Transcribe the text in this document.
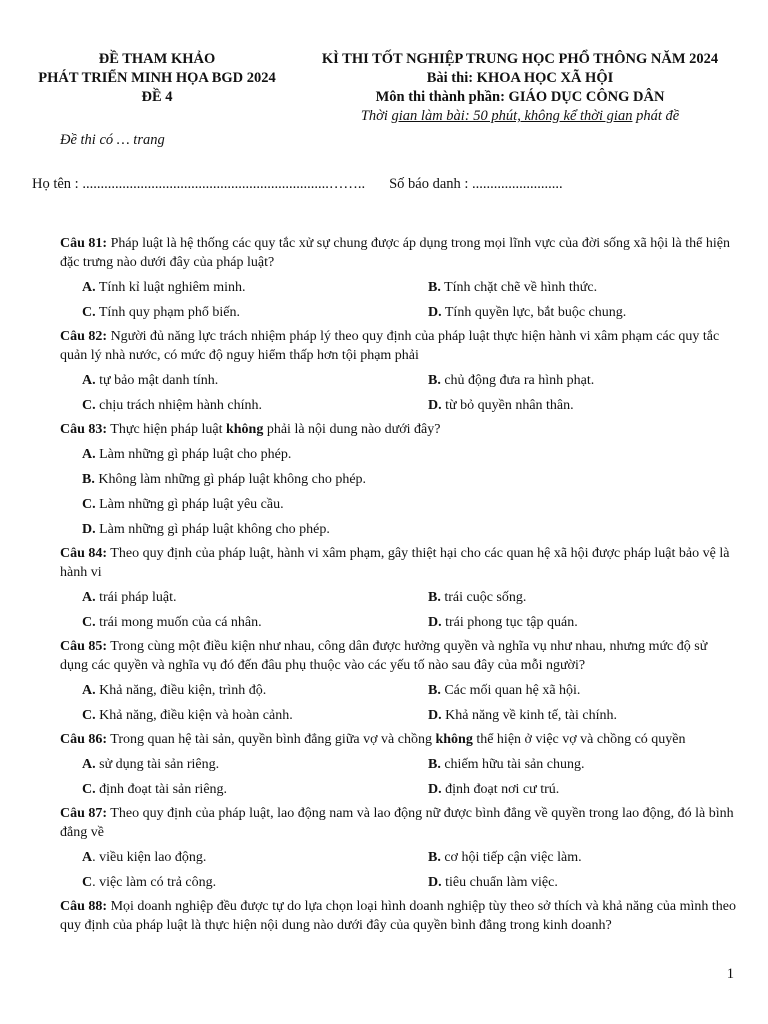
ĐỀ THAM KHẢO
PHÁT TRIỂN MINH HỌA BGD 2024
ĐỀ 4
KÌ THI TỐT NGHIỆP TRUNG HỌC PHỔ THÔNG NĂM 2024
Bài thi: KHOA HỌC XÃ HỘI
Môn thi thành phần: GIÁO DỤC CÔNG DÂN
Thời gian làm bài: 50 phút, không kể thời gian phát đề
Đề thi có … trang
Họ tên : ....................................................................…….. Số báo danh : .........................
Câu 81: Pháp luật là hệ thống các quy tắc xử sự chung được áp dụng trong mọi lĩnh vực của đời sống xã hội là thể hiện đặc trưng nào dưới đây của pháp luật?
A. Tính kỉ luật nghiêm minh.	B. Tính chặt chẽ về hình thức.
C. Tính quy phạm phổ biến.	D. Tính quyền lực, bắt buộc chung.
Câu 82: Người đủ năng lực trách nhiệm pháp lý theo quy định của pháp luật thực hiện hành vi xâm phạm các quy tắc quản lý nhà nước, có mức độ nguy hiểm thấp hơn tội phạm phải
A. tự bảo mật danh tính.	B. chủ động đưa ra hình phạt.
C. chịu trách nhiệm hành chính.	D. từ bỏ quyền nhân thân.
Câu 83: Thực hiện pháp luật không phải là nội dung nào dưới đây?
A. Làm những gì pháp luật cho phép.
B. Không làm những gì pháp luật không cho phép.
C. Làm những gì pháp luật yêu cầu.
D. Làm những gì pháp luật không cho phép.
Câu 84: Theo quy định của pháp luật, hành vi xâm phạm, gây thiệt hại cho các quan hệ xã hội được pháp luật bảo vệ là hành vi
A. trái pháp luật.	B. trái cuộc sống.
C. trái mong muốn của cá nhân.	D. trái phong tục tập quán.
Câu 85: Trong cùng một điều kiện như nhau, công dân được hưởng quyền và nghĩa vụ như nhau, nhưng mức độ sử dụng các quyền và nghĩa vụ đó đến đâu phụ thuộc vào các yếu tố nào sau đây của mỗi người?
A. Khả năng, điều kiện, trình độ.	B. Các mối quan hệ xã hội.
C. Khả năng, điều kiện và hoàn cảnh.	D. Khả năng về kinh tế, tài chính.
Câu 86: Trong quan hệ tài sản, quyền bình đẳng giữa vợ và chồng không thể hiện ở việc vợ và chồng có quyền
A. sử dụng tài sản riêng.	B. chiếm hữu tài sản chung.
C. định đoạt tài sản riêng.	D. định đoạt nơi cư trú.
Câu 87: Theo quy định của pháp luật, lao động nam và lao động nữ được bình đẳng về quyền trong lao động, đó là bình đẳng về
A. viều kiện lao động.	B. cơ hội tiếp cận việc làm.
C. việc làm có trả công.	D. tiêu chuẩn làm việc.
Câu 88: Mọi doanh nghiệp đều được tự do lựa chọn loại hình doanh nghiệp tùy theo sở thích và khả năng của mình theo quy định của pháp luật là thực hiện nội dung nào dưới đây của quyền bình đẳng trong kinh doanh?
1
